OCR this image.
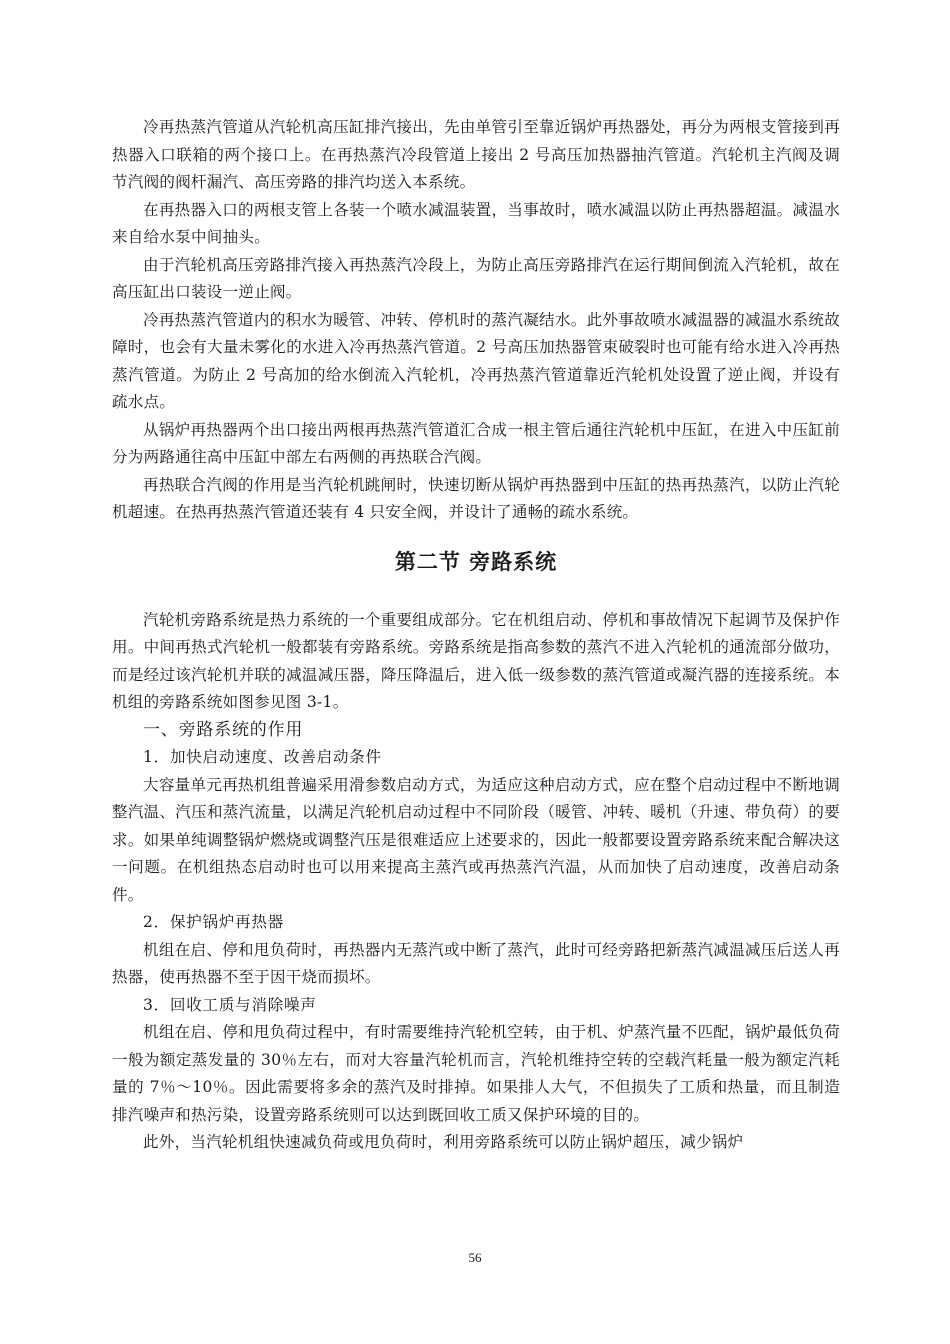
冷再热蒸汽管道从汽轮机高压缸排汽接出，先由单管引至靠近锅炉再热器处，再分为两根支管接到再热器入口联箱的两个接口上。在再热蒸汽冷段管道上接出 2 号高压加热器抽汽管道。汽轮机主汽阀及调节汽阀的阀杆漏汽、高压旁路的排汽均送入本系统。

在再热器入口的两根支管上各装一个喷水减温装置，当事故时，喷水减温以防止再热器超温。减温水来自给水泵中间抽头。

由于汽轮机高压旁路排汽接入再热蒸汽冷段上，为防止高压旁路排汽在运行期间倒流入汽轮机，故在高压缸出口装设一逆止阀。

冷再热蒸汽管道内的积水为暖管、冲转、停机时的蒸汽凝结水。此外事故喷水减温器的减温水系统故障时，也会有大量未雾化的水进入冷再热蒸汽管道。2 号高压加热器管束破裂时也可能有给水进入冷再热蒸汽管道。为防止 2 号高加的给水倒流入汽轮机，冷再热蒸汽管道靠近汽轮机处设置了逆止阀，并设有疏水点。

从锅炉再热器两个出口接出两根再热蒸汽管道汇合成一根主管后通往汽轮机中压缸，在进入中压缸前分为两路通往高中压缸中部左右两侧的再热联合汽阀。

再热联合汽阀的作用是当汽轮机跳闸时，快速切断从锅炉再热器到中压缸的热再热蒸汽，以防止汽轮机超速。在热再热蒸汽管道还装有 4 只安全阀，并设计了通畅的疏水系统。

第二节 旁路系统

汽轮机旁路系统是热力系统的一个重要组成部分。它在机组启动、停机和事故情况下起调节及保护作用。中间再热式汽轮机一般都装有旁路系统。旁路系统是指高参数的蒸汽不进入汽轮机的通流部分做功，而是经过该汽轮机并联的减温减压器，降压降温后，进入低一级参数的蒸汽管道或凝汽器的连接系统。本机组的旁路系统如图参见图 3-1。

一、旁路系统的作用

1．加快启动速度、改善启动条件

大容量单元再热机组普遍采用滑参数启动方式，为适应这种启动方式，应在整个启动过程中不断地调整汽温、汽压和蒸汽流量，以满足汽轮机启动过程中不同阶段（暖管、冲转、暖机（升速、带负荷）的要求。如果单纯调整锅炉燃烧或调整汽压是很难适应上述要求的，因此一般都要设置旁路系统来配合解决这一问题。在机组热态启动时也可以用来提高主蒸汽或再热蒸汽汽温，从而加快了启动速度，改善启动条件。

2．保护锅炉再热器

机组在启、停和甩负荷时，再热器内无蒸汽或中断了蒸汽，此时可经旁路把新蒸汽减温减压后送人再热器，使再热器不至于因干烧而损坏。

3．回收工质与消除噪声

机组在启、停和甩负荷过程中，有时需要维持汽轮机空转，由于机、炉蒸汽量不匹配，锅炉最低负荷一般为额定蒸发量的 30％左右，而对大容量汽轮机而言，汽轮机维持空转的空载汽耗量一般为额定汽耗量的 7％～10％。因此需要将多余的蒸汽及时排掉。如果排人大气，不但损失了工质和热量，而且制造排汽噪声和热污染，设置旁路系统则可以达到既回收工质又保护环境的目的。

此外，当汽轮机组快速减负荷或甩负荷时，利用旁路系统可以防止锅炉超压，减少锅炉

56
